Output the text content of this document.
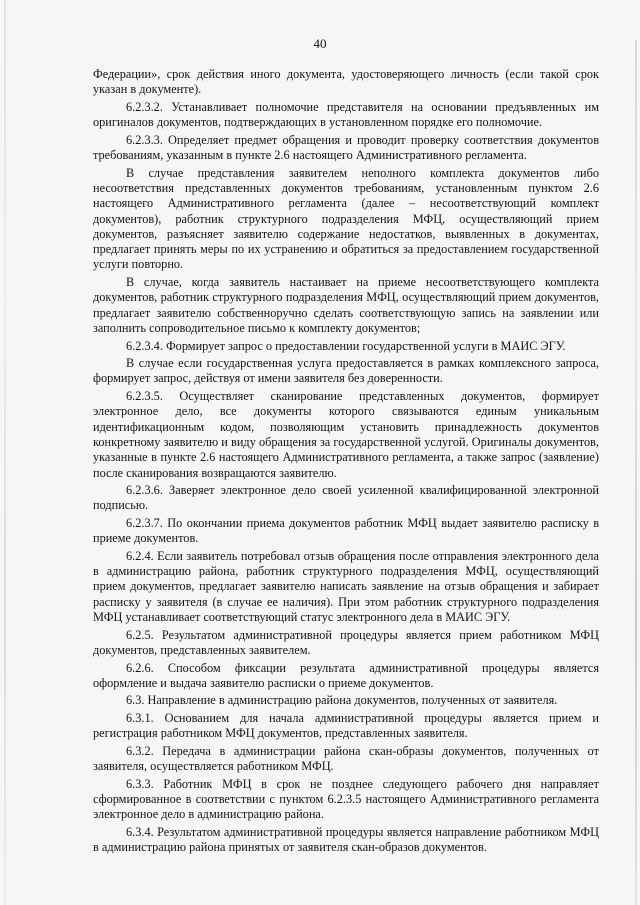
40

Федерации», срок действия иного документа, удостоверяющего личность (если такой срок указан в документе).

6.2.3.2. Устанавливает полномочие представителя на основании предъявленных им оригиналов документов, подтверждающих в установленном порядке его полномочие.

6.2.3.3. Определяет предмет обращения и проводит проверку соответствия документов требованиям, указанным в пункте 2.6 настоящего Административного регламента.

В случае представления заявителем неполного комплекта документов либо несоответствия представленных документов требованиям, установленным пунктом 2.6 настоящего Административного регламента (далее – несоответствующий комплект документов), работник структурного подразделения МФЦ, осуществляющий прием документов, разъясняет заявителю содержание недостатков, выявленных в документах, предлагает принять меры по их устранению и обратиться за предоставлением государственной услуги повторно.

В случае, когда заявитель настаивает на приеме несоответствующего комплекта документов, работник структурного подразделения МФЦ, осуществляющий прием документов, предлагает заявителю собственноручно сделать соответствующую запись на заявлении или заполнить сопроводительное письмо к комплекту документов;

6.2.3.4. Формирует запрос о предоставлении государственной услуги в МАИС ЭГУ.

В случае если государственная услуга предоставляется в рамках комплексного запроса, формирует запрос, действуя от имени заявителя без доверенности.

6.2.3.5. Осуществляет сканирование представленных документов, формирует электронное дело, все документы которого связываются единым уникальным идентификационным кодом, позволяющим установить принадлежность документов конкретному заявителю и виду обращения за государственной услугой. Оригиналы документов, указанные в пункте 2.6 настоящего Административного регламента, а также запрос (заявление) после сканирования возвращаются заявителю.

6.2.3.6. Заверяет электронное дело своей усиленной квалифицированной электронной подписью.

6.2.3.7. По окончании приема документов работник МФЦ выдает заявителю расписку в приеме документов.

6.2.4. Если заявитель потребовал отзыв обращения после отправления электронного дела в администрацию района, работник структурного подразделения МФЦ, осуществляющий прием документов, предлагает заявителю написать заявление на отзыв обращения и забирает расписку у заявителя (в случае ее наличия). При этом работник структурного подразделения МФЦ устанавливает соответствующий статус электронного дела в МАИС ЭГУ.

6.2.5. Результатом административной процедуры является прием работником МФЦ документов, представленных заявителем.

6.2.6. Способом фиксации результата административной процедуры является оформление и выдача заявителю расписки о приеме документов.

6.3. Направление в администрацию района документов, полученных от заявителя.

6.3.1. Основанием для начала административной процедуры является прием и регистрация работником МФЦ документов, представленных заявителя.

6.3.2. Передача в администрации района скан-образы документов, полученных от заявителя, осуществляется работником МФЦ.

6.3.3. Работник МФЦ в срок не позднее следующего рабочего дня направляет сформированное в соответствии с пунктом 6.2.3.5 настоящего Административного регламента электронное дело в администрацию района.

6.3.4. Результатом административной процедуры является направление работником МФЦ в администрацию района принятых от заявителя скан-образов документов.
